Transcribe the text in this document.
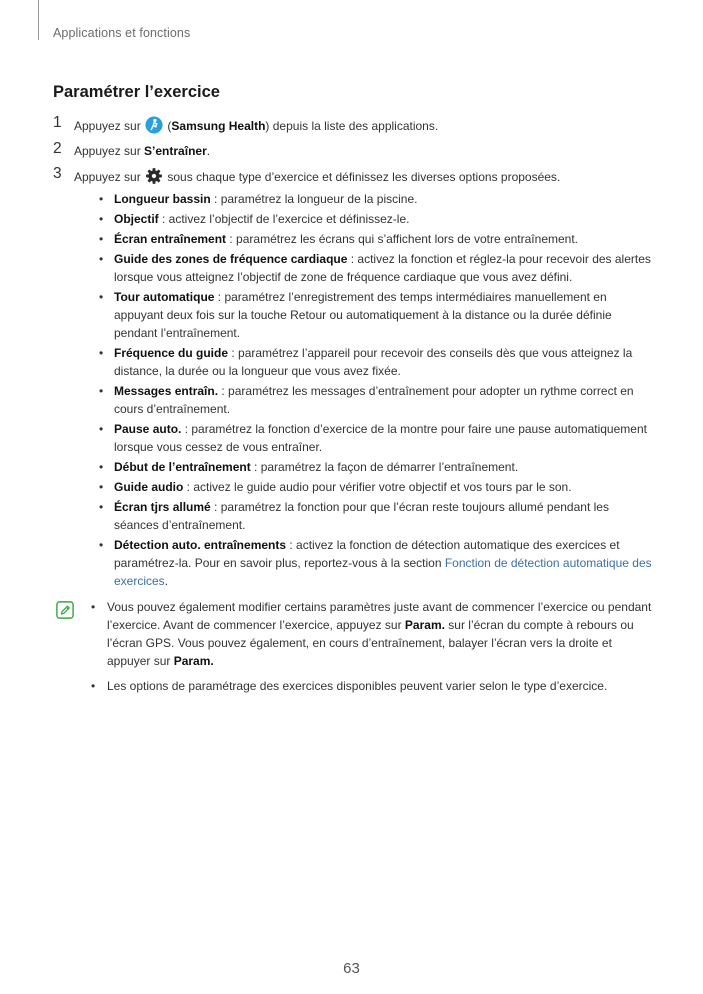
Applications et fonctions
Paramétrer l’exercice
1 Appuyez sur  (Samsung Health) depuis la liste des applications.
2 Appuyez sur S’entraîner.
3 Appuyez sur  sous chaque type d’exercice et définissez les diverses options proposées.
• Longueur bassin : paramétrez la longueur de la piscine.
• Objectif : activez l’objectif de l’exercice et définissez-le.
• Écran entraînement : paramétrez les écrans qui s’affichent lors de votre entraînement.
• Guide des zones de fréquence cardiaque : activez la fonction et réglez-la pour recevoir des alertes lorsque vous atteignez l’objectif de zone de fréquence cardiaque que vous avez défini.
• Tour automatique : paramétrez l’enregistrement des temps intermédiaires manuellement en appuyant deux fois sur la touche Retour ou automatiquement à la distance ou la durée définie pendant l’entraînement.
• Fréquence du guide : paramétrez l’appareil pour recevoir des conseils dès que vous atteignez la distance, la durée ou la longueur que vous avez fixée.
• Messages entraîn. : paramétrez les messages d’entraînement pour adopter un rythme correct en cours d’entraînement.
• Pause auto. : paramétrez la fonction d’exercice de la montre pour faire une pause automatiquement lorsque vous cessez de vous entraîner.
• Début de l’entraînement : paramétrez la façon de démarrer l’entraînement.
• Guide audio : activez le guide audio pour vérifier votre objectif et vos tours par le son.
• Écran tjrs allumé : paramétrez la fonction pour que l’écran reste toujours allumé pendant les séances d’entraînement.
• Détection auto. entraînements : activez la fonction de détection automatique des exercices et paramétrez-la. Pour en savoir plus, reportez-vous à la section Fonction de détection automatique des exercices.
• Vous pouvez également modifier certains paramètres juste avant de commencer l’exercice ou pendant l’exercice. Avant de commencer l’exercice, appuyez sur Param. sur l’écran du compte à rebours ou l’écran GPS. Vous pouvez également, en cours d’entraînement, balayer l’écran vers la droite et appuyer sur Param.
• Les options de paramétrage des exercices disponibles peuvent varier selon le type d’exercice.
63
